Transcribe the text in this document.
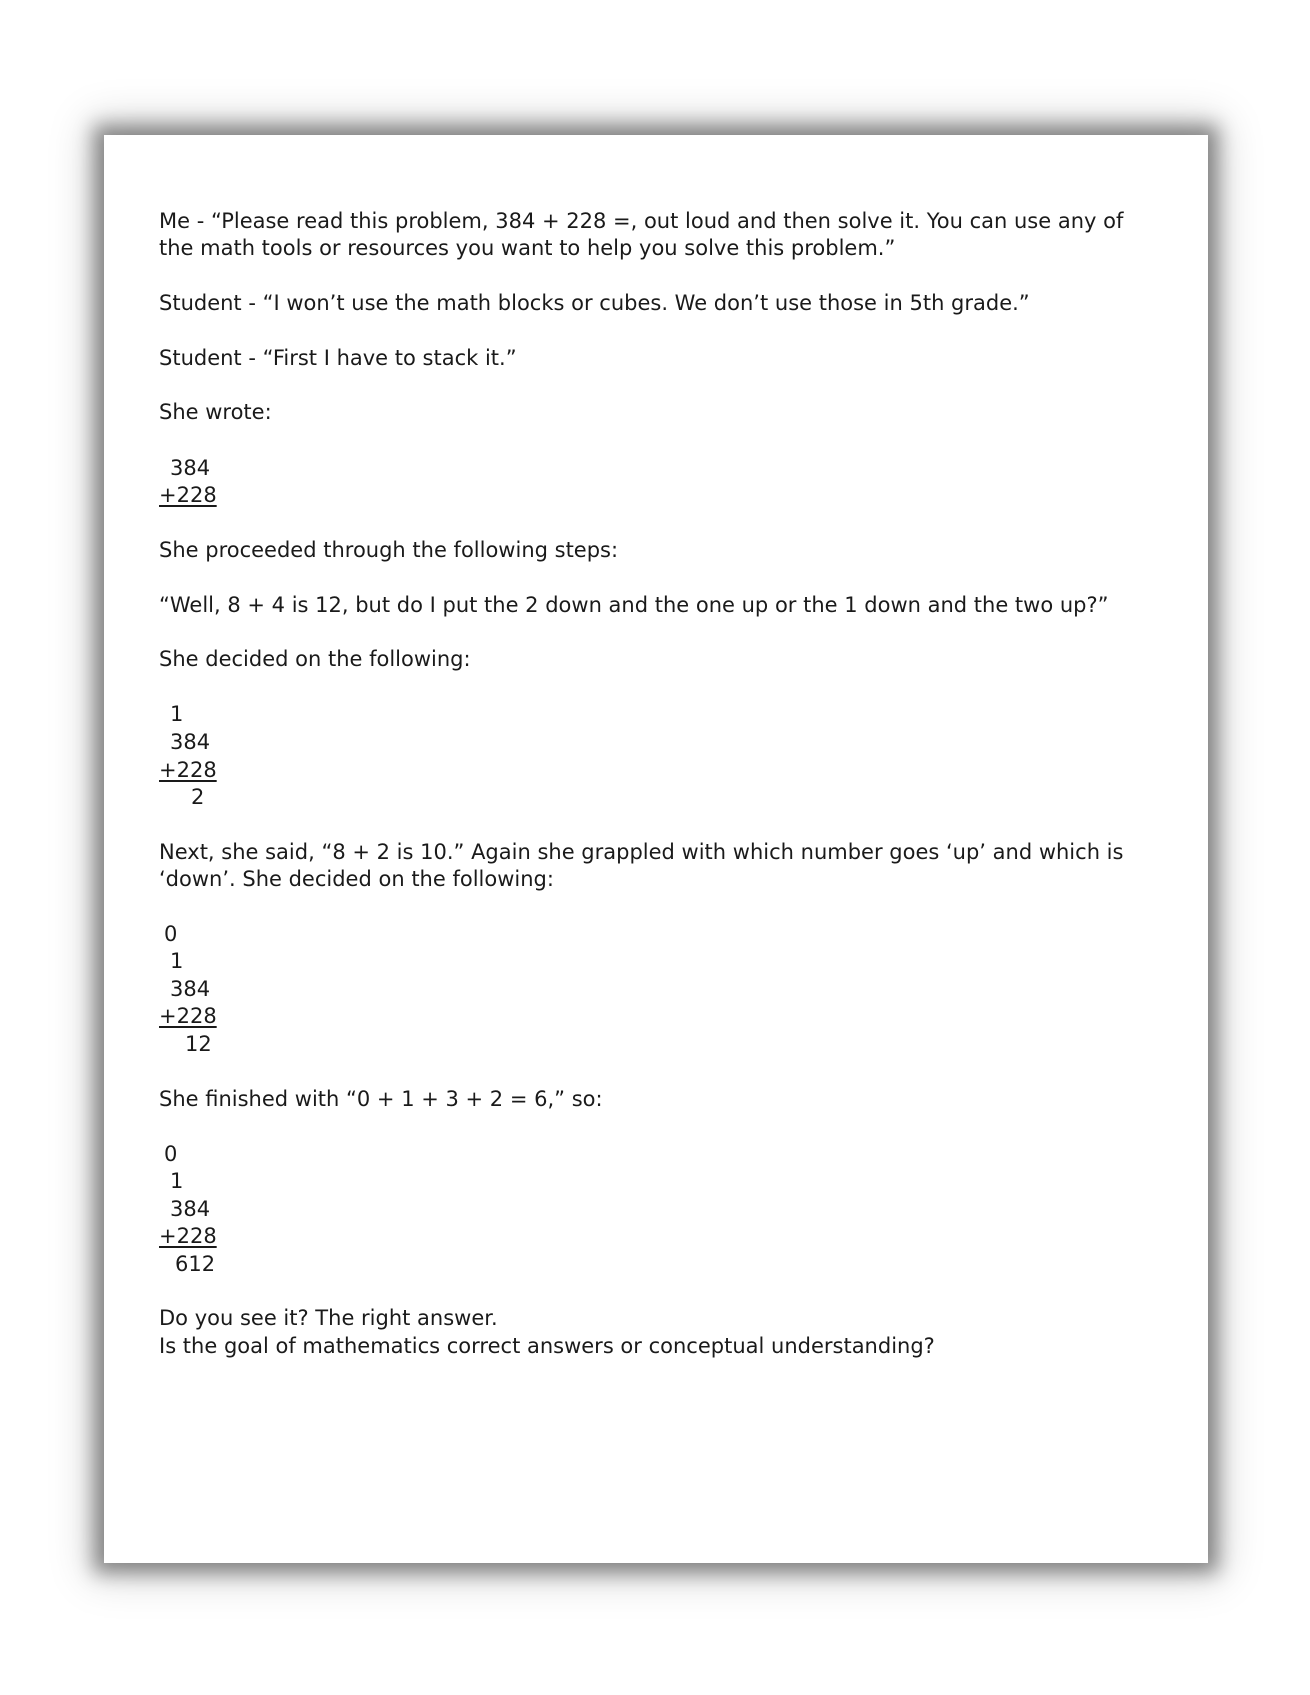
Me - “Please read this problem, 384 + 228 =, out loud and then solve it. You can use any of
the math tools or resources you want to help you solve this problem.”
Student - “I won’t use the math blocks or cubes. We don’t use those in 5th grade.”
Student - “First I have to stack it.”
She wrote:
384
+228
She proceeded through the following steps:
“Well, 8 + 4 is 12, but do I put the 2 down and the one up or the 1 down and the two up?”
She decided on the following:
1
384
+228
2
Next, she said, “8 + 2 is 10.” Again she grappled with which number goes ‘up’ and which is
‘down’. She decided on the following:
0
1
384
+228
12
She finished with “0 + 1 + 3 + 2 = 6,” so:
0
1
384
+228
612
Do you see it? The right answer.
Is the goal of mathematics correct answers or conceptual understanding?
